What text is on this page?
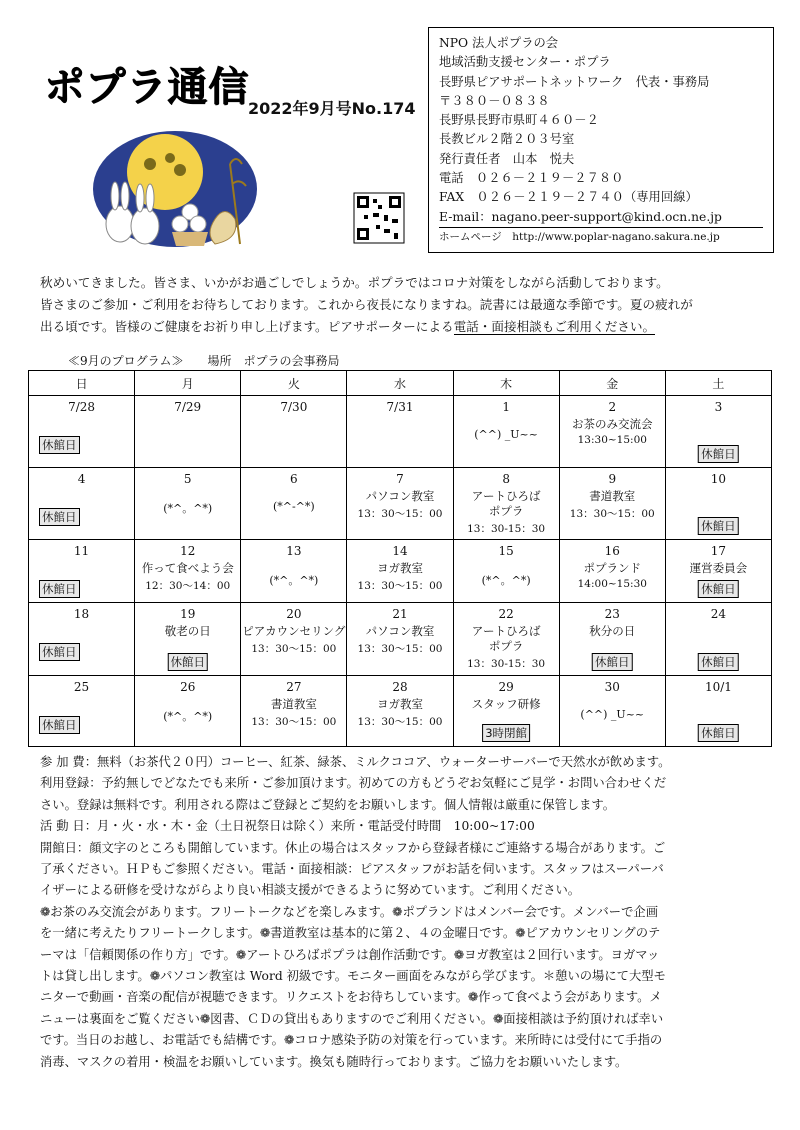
ポプラ通信 2022年9月号No.174
NPO 法人ポプラの会
地域活動支援センター・ポプラ
長野県ピアサポートネットワーク　代表・事務局
〒３８０－０８３８
長野県長野市県町４６０－２
長教ビル２階２０３号室
発行責任者　山本　悦夫
電話　０２６－２１９－２７８０
FAX　０２６－２１９－２７４０（専用回線）
E-mail：nagano.peer-support@kind.ocn.ne.jp
ホームページ　http://www.poplar-nagano.sakura.ne.jp

秋めいてきました。皆さま、いかがお過ごしでしょうか。ポプラではコロナ対策をしながら活動しております。

皆さまのご参加・ご利用をお待ちしております。これから夜長になりますね。読書には最適な季節です。夏の疲れが

出る頃です。皆様のご健康をお祈り申し上げます。ピアサポーターによる電話・面接相談もご利用ください。

≪9月のプログラム≫　　場所　ポプラの会事務局
日	月	火	水	木	金	土

7/28
休館日	7/29	7/30	7/31	1
(^^) _U~~	2
お茶のみ交流会
13:30~15:00	3
休館日

4
休館日	5
(*^。^*)	6
(*^-^*)	7
パソコン教室
13：30～15：00	8
アートひろば
ポプラ
13：30-15：30	9
書道教室
13：30～15：00	10
休館日

11
休館日	12
作って食べよう会
12：30～14：00	13
(*^。^*)	14
ヨガ教室
13：30～15：00	15
(*^。^*)	16
ポプランド
14:00~15:30	17
運営委員会
休館日

18
休館日	19
敬老の日
休館日	20
ピアカウンセリング
13：30～15：00	21
パソコン教室
13：30～15：00	22
アートひろば
ポプラ
13：30-15：30	23
秋分の日
休館日	24
休館日

25
休館日	26
(*^。^*)	27
書道教室
13：30～15：00	28
ヨガ教室
13：30～15：00	29
スタッフ研修
3時閉館	30
(^^) _U~~	10/1
休館日

参 加 費：無料（お茶代２０円）コーヒー、紅茶、緑茶、ミルクココア、ウォーターサーバーで天然水が飲めます。

利用登録：予約無しでどなたでも来所・ご参加頂けます。初めての方もどうぞお気軽にご見学・お問い合わせくだ

さい。登録は無料です。利用される際はご登録とご契約をお願いします。個人情報は厳重に保管します。

活 動 日：月・火・水・木・金（土日祝祭日は除く）来所・電話受付時間　10:00~17:00

開館日：顔文字のところも開館しています。休止の場合はスタッフから登録者様にご連絡する場合があります。ご

了承ください。ＨＰもご参照ください。電話・面接相談：ピアスタッフがお話を伺います。スタッフはスーパーバ

イザーによる研修を受けながらより良い相談支援ができるように努めています。ご利用ください。

❁お茶のみ交流会があります。フリートークなどを楽しみます。❁ポプランドはメンバー会です。メンバーで企画

を一緒に考えたりフリートークします。❁書道教室は基本的に第２、４の金曜日です。❁ピアカウンセリングのテ

ーマは「信頼関係の作り方」です。❁アートひろばポプラは創作活動です。❁ヨガ教室は２回行います。ヨガマッ

トは貸し出します。❁パソコン教室は Word 初級です。モニター画面をみながら学びます。＊憩いの場にて大型モ

ニターで動画・音楽の配信が視聴できます。リクエストをお待ちしています。❁作って食べよう会があります。メ

ニューは裏面をご覧ください❁図書、ＣＤの貸出もありますのでご利用ください。❁面接相談は予約頂ければ幸い

です。当日のお越し、お電話でも結構です。❁コロナ感染予防の対策を行っています。来所時には受付にて手指の

消毒、マスクの着用・検温をお願いしています。換気も随時行っております。ご協力をお願いいたします。
